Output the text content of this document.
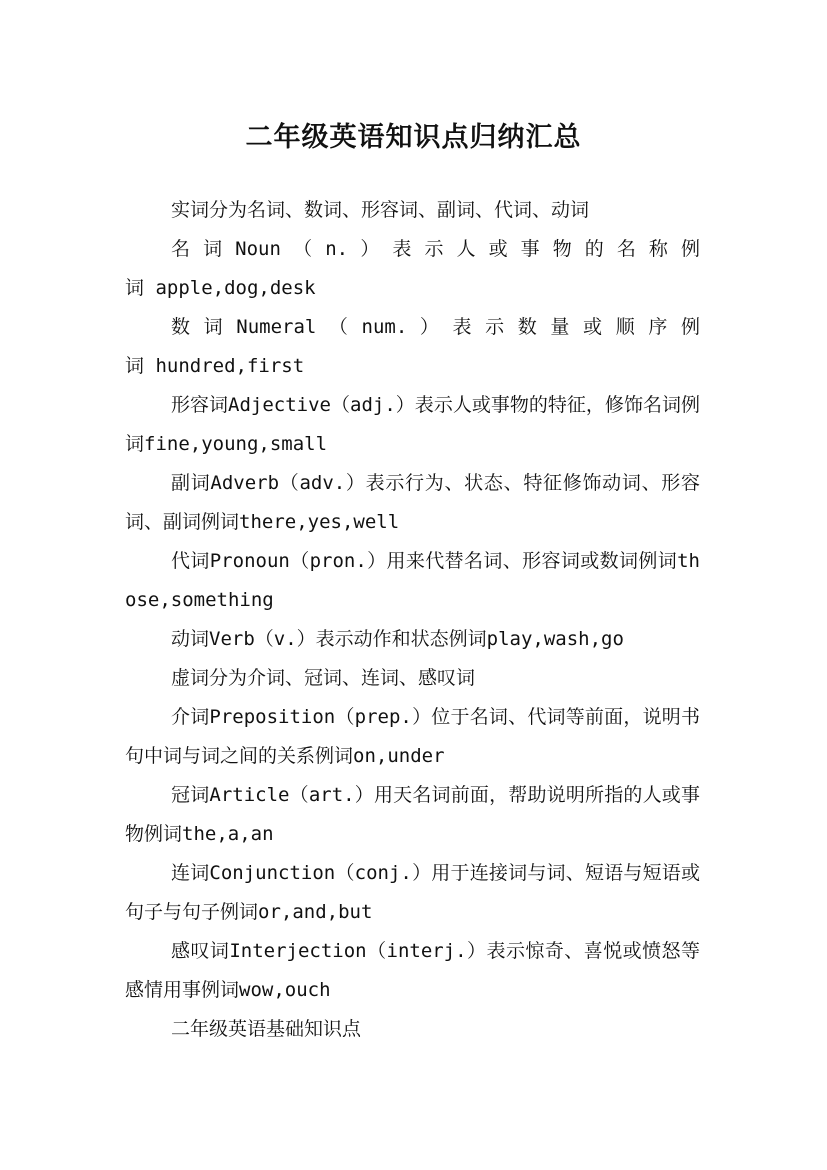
二年级英语知识点归纳汇总

实词分为名词、数词、形容词、副词、代词、动词

名 词 Noun （ n. ） 表 示 人 或 事 物 的 名 称 例 词 apple,dog,desk

数 词 Numeral （ num. ） 表 示 数 量 或 顺 序 例 词 hundred,first

形容词Adjective（adj.）表示人或事物的特征，修饰名词例词fine,young,small

副词Adverb（adv.）表示行为、状态、特征修饰动词、形容词、副词例词there,yes,well

代词Pronoun（pron.）用来代替名词、形容词或数词例词those,something

动词Verb（v.）表示动作和状态例词play,wash,go

虚词分为介词、冠词、连词、感叹词

介词Preposition（prep.）位于名词、代词等前面，说明书句中词与词之间的关系例词on,under

冠词Article（art.）用天名词前面，帮助说明所指的人或事物例词the,a,an

连词Conjunction（conj.）用于连接词与词、短语与短语或句子与句子例词or,and,but

感叹词Interjection（interj.）表示惊奇、喜悦或愤怒等感情用事例词wow,ouch

二年级英语基础知识点
